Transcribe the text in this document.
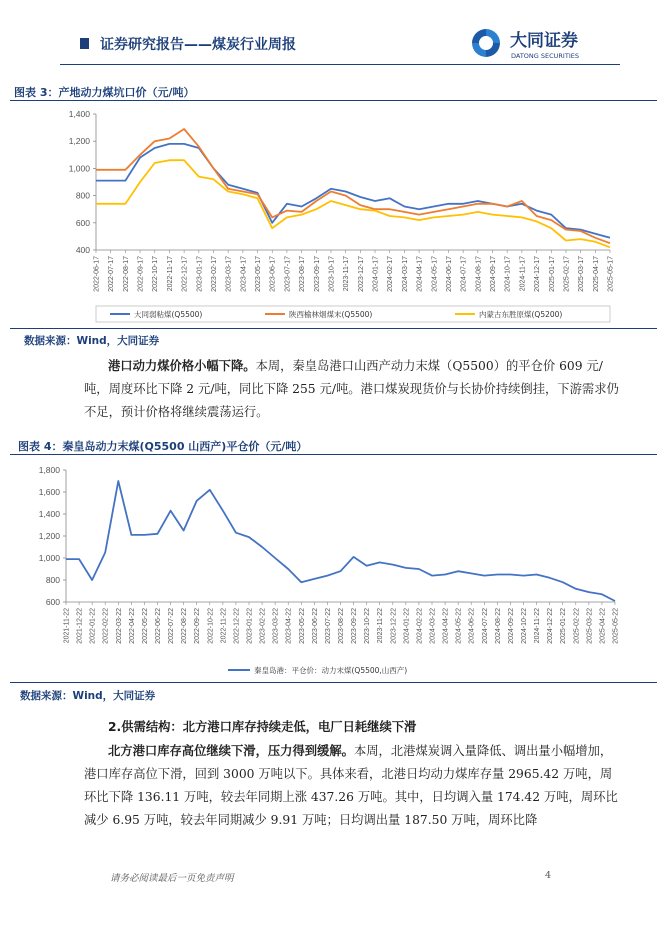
证券研究报告——煤炭行业周报	大同证券
DATONG SECURITIES
图表 3：产地动力煤坑口价（元/吨）
400
600
800
1,000
1,200
1,400
2022-06-17 2022-07-17 2022-08-17 2022-09-17 2022-10-17 2022-11-17 2022-12-17 2023-01-17 2023-02-17 2023-03-17 2023-04-17 2023-05-17 2023-06-17 2023-07-17 2023-08-17 2023-09-17 2023-10-17 2023-11-17 2023-12-17 2024-01-17 2024-02-17 2024-03-17 2024-04-17 2024-05-17 2024-06-17 2024-07-17 2024-08-17 2024-09-17 2024-10-17 2024-11-17 2024-12-17 2025-01-17 2025-02-17 2025-03-17 2025-04-17 2025-05-17
大同弱粘煤(Q5500)	陕西榆林烟煤末(Q5500)	内蒙古东胜原煤(Q5200)
数据来源：Wind，大同证券
港口动力煤价格小幅下降。本周，秦皇岛港口山西产动力末煤（Q5500）的平仓价 609 元/吨，周度环比下降 2 元/吨，同比下降 255 元/吨。港口煤炭现货价与长协价持续倒挂，下游需求仍不足，预计价格将继续震荡运行。
图表 4：秦皇岛动力末煤(Q5500 山西产)平仓价（元/吨）
600
800
1,000
1,200
1,400
1,600
1,800
2021-11-22 2021-12-22 2022-01-22 2022-02-22 2022-03-22 2022-04-22 2022-05-22 2022-06-22 2022-07-22 2022-08-22 2022-09-22 2022-10-22 2022-11-22 2022-12-22 2023-01-22 2023-02-22 2023-03-22 2023-04-22 2023-05-22 2023-06-22 2023-07-22 2023-08-22 2023-09-22 2023-10-22 2023-11-22 2023-12-22 2024-01-22 2024-02-22 2024-03-22 2024-04-22 2024-05-22 2024-06-22 2024-07-22 2024-08-22 2024-09-22 2024-10-22 2024-11-22 2024-12-22 2025-01-22 2025-02-22 2025-03-22 2025-04-22 2025-05-22
秦皇岛港：平仓价：动力末煤(Q5500,山西产)
数据来源：Wind，大同证券
2.供需结构：北方港口库存持续走低，电厂日耗继续下滑
北方港口库存高位继续下滑，压力得到缓解。本周，北港煤炭调入量降低、调出量小幅增加，港口库存高位下滑，回到 3000 万吨以下。具体来看，北港日均动力煤库存量 2965.42 万吨，周环比下降 136.11 万吨，较去年同期上涨 437.26 万吨。其中，日均调入量 174.42 万吨，周环比减少 6.95 万吨，较去年同期减少 9.91 万吨；日均调出量 187.50 万吨，周环比降
请务必阅读最后一页免责声明	4
